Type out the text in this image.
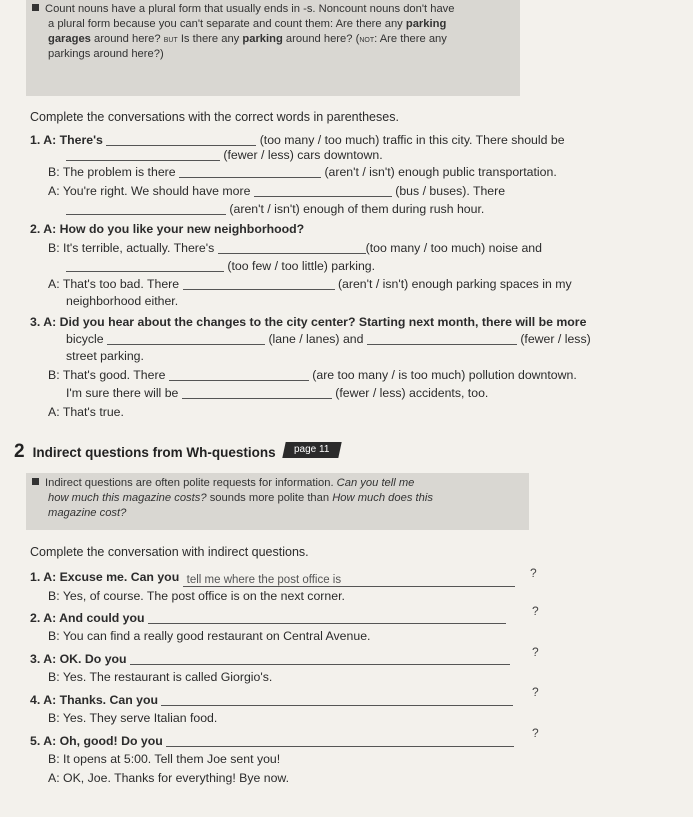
Count nouns have a plural form that usually ends in -s. Noncount nouns don't have

a plural form because you can't separate and count them: Are there any parking

garages around here? but Is there any parking around here? (not: Are there any

parkings around here?)

Complete the conversations with the correct words in parentheses.
1. A: There's	(too many / too much) traffic in this city. There should be
(fewer / less) cars downtown.
B: The problem is there	(aren't / isn't) enough public transportation.
A: You're right. We should have more	(bus / buses). There
(aren't / isn't) enough of them during rush hour.
2. A: How do you like your new neighborhood?
B: It's terrible, actually. There's	(too many / too much) noise and
(too few / too little) parking.
A: That's too bad. There	(aren't / isn't) enough parking spaces in my
neighborhood either.
3. A: Did you hear about the changes to the city center? Starting next month, there will be more
bicycle	(lane / lanes) and	(fewer / less)
street parking.
B: That's good. There	(are too many / is too much) pollution downtown.
I'm sure there will be	(fewer / less) accidents, too.
A: That's true.
2 Indirect questions from Wh-questions	page 11

Indirect questions are often polite requests for information. Can you tell me

how much this magazine costs? sounds more polite than How much does this

magazine cost?

Complete the conversation with indirect questions.
1. A: Excuse me. Can you tell me where the post office is	?
B: Yes, of course. The post office is on the next corner.
2. A: And could you	?
B: You can find a really good restaurant on Central Avenue.
3. A: OK. Do you	?
B: Yes. The restaurant is called Giorgio's.
4. A: Thanks. Can you
?
B: Yes. They serve Italian food.
5. A: Oh, good! Do you
?
B: It opens at 5:00. Tell them Joe sent you!
A: OK, Joe. Thanks for everything! Bye now.
